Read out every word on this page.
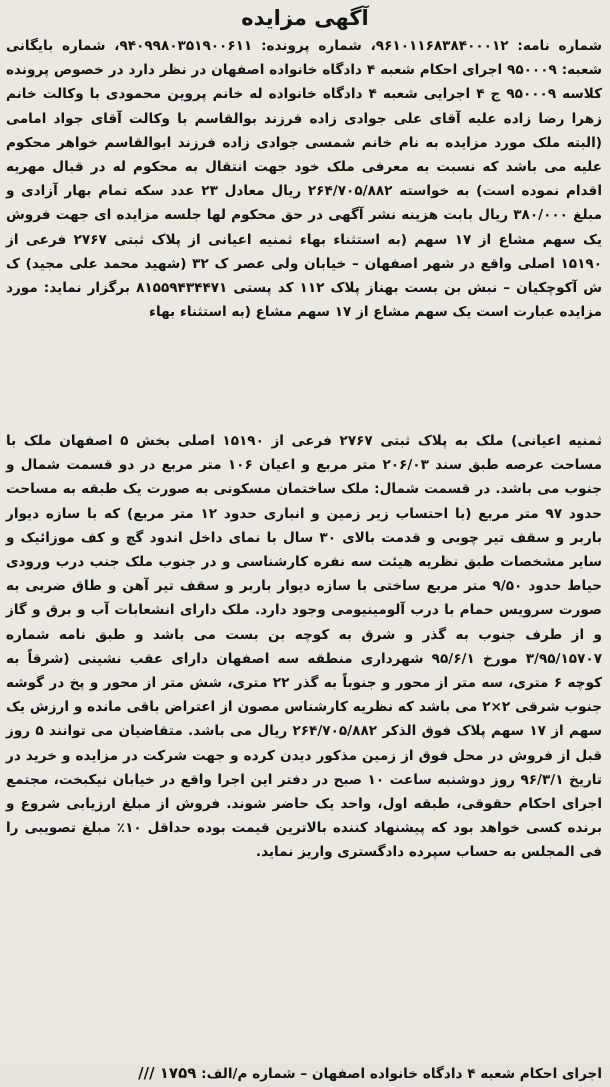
آگهی مزایده

شماره نامه: ۹۶۱۰۱۱۶۸۳۸۴۰۰۰۱۲، شماره پرونده: ۹۴۰۹۹۸۰۳۵۱۹۰۰۶۱۱، شماره بایگانی شعبه: ۹۵۰۰۰۹ اجرای احکام شعبه ۴ دادگاه خانواده اصفهان در نظر دارد در خصوص پرونده کلاسه ۹۵۰۰۰۹ ج ۴ اجرایی شعبه ۴ دادگاه خانواده له خانم پروین محمودی با وکالت خانم زهرا رضا زاده علیه آقای علی جوادی زاده فرزند بوالقاسم با وکالت آقای جواد امامی (البته ملک مورد مزایده به نام خانم شمسی جوادی زاده فرزند ابوالقاسم خواهر محکوم علیه می باشد که نسبت به معرفی ملک خود جهت انتقال به محکوم له در قبال مهریه اقدام نموده است) به خواسته ۲۶۴/۷۰۵/۸۸۲ ریال معادل ۲۳ عدد سکه تمام بهار آزادی و مبلغ ۳۸۰/۰۰۰ ریال بابت هزینه نشر آگهی در حق محکوم لها جلسه مزایده ای جهت فروش یک سهم مشاع از ۱۷ سهم (به استثناء بهاء ثمنیه اعیانی از پلاک ثبتی ۲۷۶۷ فرعی از ۱۵۱۹۰ اصلی واقع در شهر اصفهان – خیابان ولی عصر ک ۳۲ (شهید محمد علی مجید) ک ش آکوچکیان – نبش بن بست بهناز پلاک ۱۱۲ کد پستی ۸۱۵۵۹۴۳۴۴۷۱ برگزار نماید: مورد مزایده عبارت است یک سهم مشاع از ۱۷ سهم مشاع (به استثناء بهاء

ثمنیه اعیانی) ملک به پلاک ثبتی ۲۷۶۷ فرعی از ۱۵۱۹۰ اصلی بخش ۵ اصفهان ملک با مساحت عرصه طبق سند ۲۰۶/۰۳ متر مربع و اعیان ۱۰۶ متر مربع در دو قسمت شمال و جنوب می باشد. در قسمت شمال: ملک ساختمان مسکونی به صورت یک طبقه به مساحت حدود ۹۷ متر مربع (با احتساب زیر زمین و انباری حدود ۱۲ متر مربع) که با سازه دیوار باربر و سقف تیر چوبی و قدمت بالای ۳۰ سال با نمای داخل اندود گچ و کف موزائیک و سایر مشخصات طبق نظریه هیئت سه نفره کارشناسی و در جنوب ملک جنب درب ورودی حیاط حدود ۹/۵۰ متر مربع ساختی با سازه دیوار باربر و سقف تیر آهن و طاق ضربی به صورت سرویس حمام با درب آلومینیومی وجود دارد. ملک دارای انشعابات آب و برق و گاز و از طرف جنوب به گذر و شرق به کوچه بن بست می باشد و طبق نامه شماره ۳/۹۵/۱۵۷۰۷ مورخ ۹۵/۶/۱ شهرداری منطقه سه اصفهان دارای عقب نشینی (شرقاً به کوچه ۶ متری، سه متر از محور و جنوباً به گذر ۲۲ متری، شش متر از محور و پخ در گوشه جنوب شرقی ۲×۲ می باشد که نظریه کارشناس مصون از اعتراض باقی مانده و ارزش یک سهم از ۱۷ سهم پلاک فوق الذکر ۲۶۴/۷۰۵/۸۸۲ ریال می باشد. متقاضیان می توانند ۵ روز قبل از فروش در محل فوق از زمین مذکور دیدن کرده و جهت شرکت در مزایده و خرید در تاریخ ۹۶/۳/۱ روز دوشنبه ساعت ۱۰ صبح در دفتر این اجرا واقع در خیابان نیکبخت، مجتمع اجرای احکام حقوقی، طبقه اول، واحد یک حاضر شوند. فروش از مبلغ ارزیابی شروع و برنده کسی خواهد بود که پیشنهاد کننده بالاترین قیمت بوده حداقل ۱۰٪ مبلغ تصویبی را فی المجلس به حساب سپرده دادگستری واریز نماید.

اجرای احکام شعبه ۴ دادگاه خانواده اصفهان – شماره م/الف: ۱۷۵۹ ///
